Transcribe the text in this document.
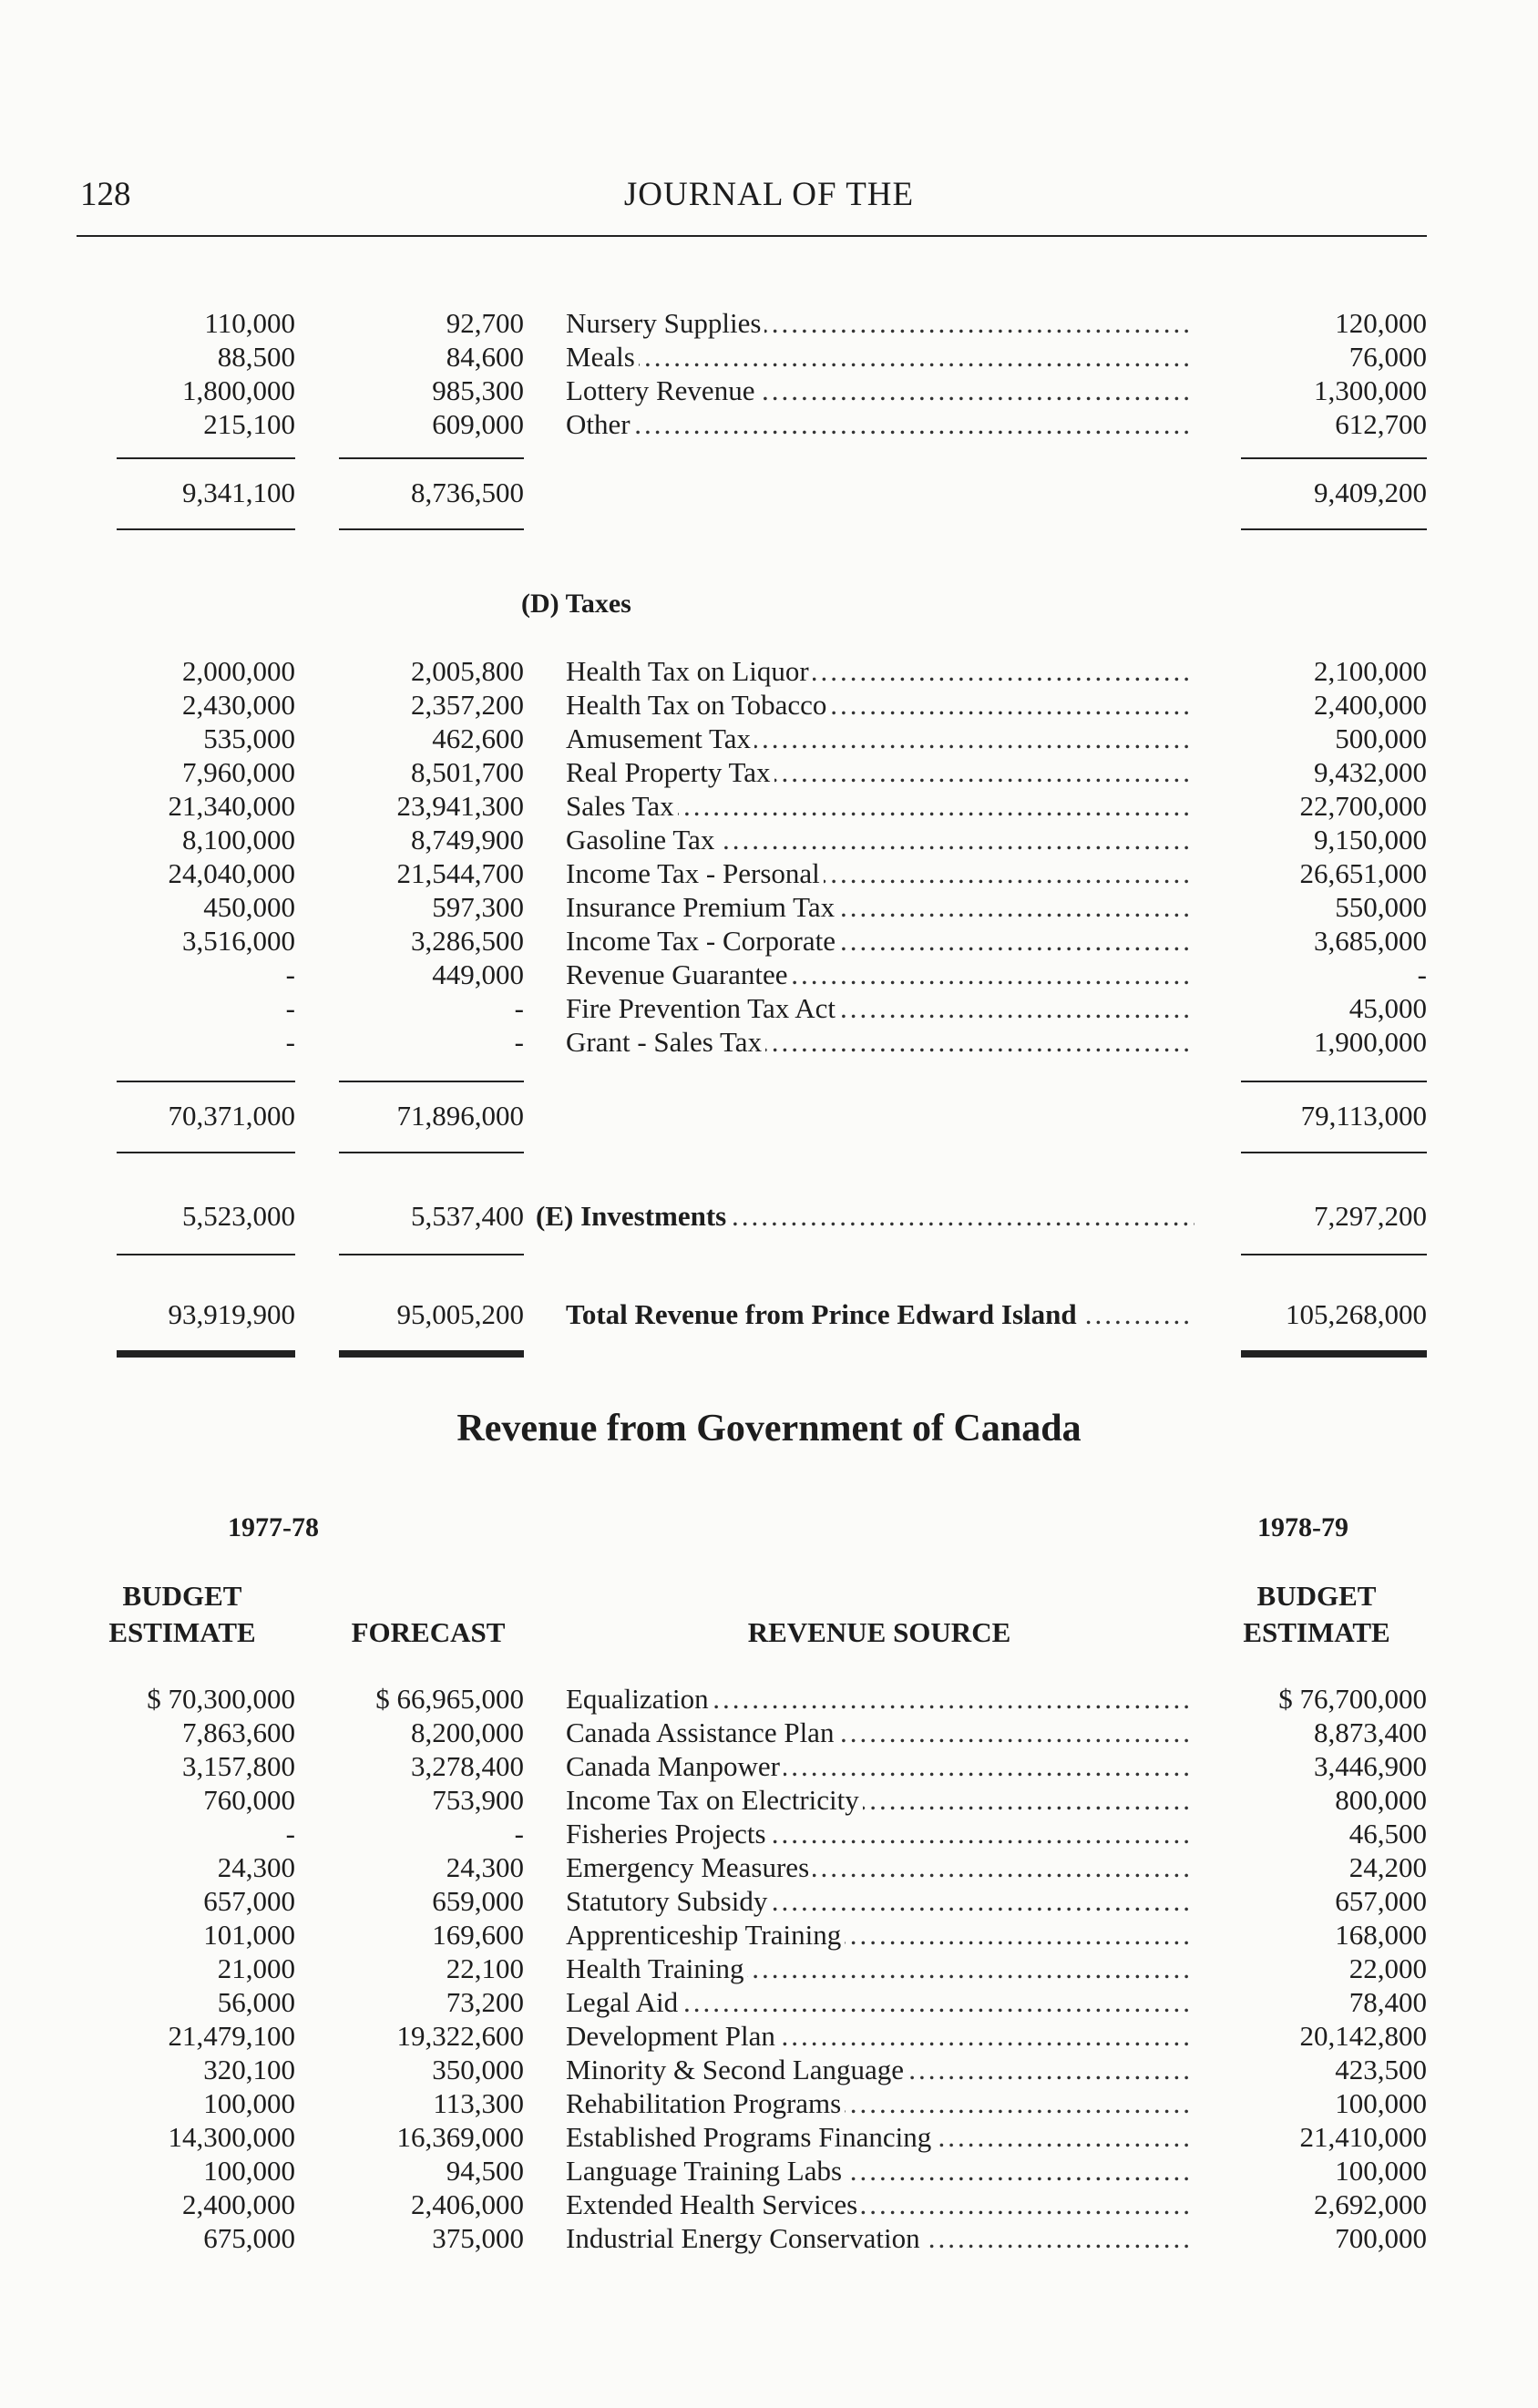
128	JOURNAL OF THE
110,000	92,700 Nursery Supplies .....	120,000
88,500	84,600 Meals .....	76,000
1,800,000	985,300 Lottery Revenue .....	1,300,000
215,100	609,000 Other .....	612,700
9,341,100	8,736,500	9,409,200
(D) Taxes
2,000,000	2,005,800 Health Tax on Liquor .....	2,100,000
2,430,000	2,357,200 Health Tax on Tobacco .....	2,400,000
535,000	462,600 Amusement Tax .....	500,000
7,960,000	8,501,700 Real Property Tax .....	9,432,000
21,340,000	23,941,300 Sales Tax .....	22,700,000
8,100,000	8,749,900 Gasoline Tax .....	9,150,000
24,040,000	21,544,700 Income Tax - Personal .....	26,651,000
450,000	597,300 Insurance Premium Tax .....	550,000
3,516,000	3,286,500 Income Tax - Corporate .....	3,685,000
-	449,000 Revenue Guarantee .....	-
-	- Fire Prevention Tax Act .....	45,000
-	- Grant - Sales Tax .....	1,900,000
70,371,000	71,896,000	79,113,000
5,523,000	5,537,400 (E) Investments .....	7,297,200
93,919,900	95,005,200 Total Revenue from Prince Edward Island .....	105,268,000
Revenue from Government of Canada
1977-78	1978-79
BUDGET ESTIMATE	FORECAST	REVENUE SOURCE
BUDGET ESTIMATE
$ 70,300,000	$ 66,965,000 Equalization .....	$ 76,700,000
7,863,600	8,200,000 Canada Assistance Plan .....	8,873,400
3,157,800	3,278,400 Canada Manpower .....	3,446,900
760,000	753,900 Income Tax on Electricity .....	800,000
-	- Fisheries Projects .....	46,500
24,300	24,300 Emergency Measures .....	24,200
657,000	659,000 Statutory Subsidy .....	657,000
101,000	169,600 Apprenticeship Training .....	168,000
21,000	22,100 Health Training .....	22,000
56,000	73,200 Legal Aid .....	78,400
21,479,100	19,322,600 Development Plan .....	20,142,800
320,100	350,000 Minority & Second Language .....	423,500
100,000	113,300 Rehabilitation Programs .....	100,000
14,300,000	16,369,000 Established Programs Financing .....	21,410,000
100,000	94,500 Language Training Labs .....	100,000
2,400,000	2,406,000 Extended Health Services .....	2,692,000
675,000	375,000 Industrial Energy Conservation .....	700,000
